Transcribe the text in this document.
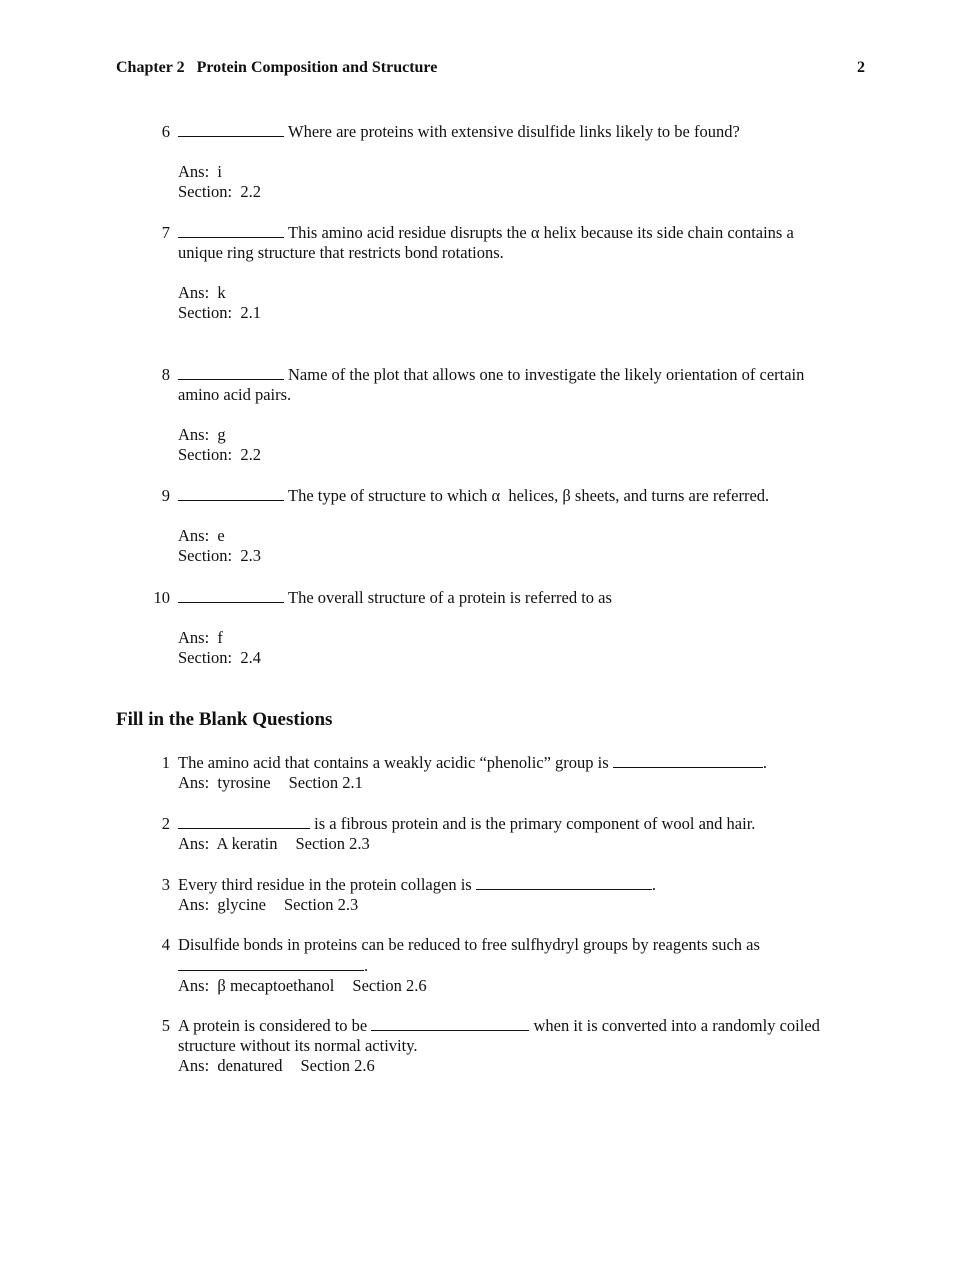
Chapter 2   Protein Composition and Structure	2
6	Where are proteins with extensive disulfide links likely to be found?
Ans:  i
Section:  2.2
7	This amino acid residue disrupts the α helix because its side chain contains a
unique ring structure that restricts bond rotations.
Ans:  k
Section:  2.1
8	Name of the plot that allows one to investigate the likely orientation of certain
amino acid pairs.
Ans:  g
Section:  2.2
9	The type of structure to which α  helices, β sheets, and turns are referred.
Ans:  e
Section:  2.3
10	The overall structure of a protein is referred to as
Ans:  f
Section:  2.4
Fill in the Blank Questions
1 The amino acid that contains a weakly acidic “phenolic” group is	.
Ans:  tyrosine Section 2.1
2	is a fibrous protein and is the primary component of wool and hair.
Ans:  A keratin Section 2.3
3 Every third residue in the protein collagen is	.
Ans:  glycine Section 2.3
4 Disulfide bonds in proteins can be reduced to free sulfhydryl groups by reagents such as
.
Ans:  β mecaptoethanol Section 2.6
5 A protein is considered to be	when it is converted into a randomly coiled
structure without its normal activity.
Ans:  denatured Section 2.6
